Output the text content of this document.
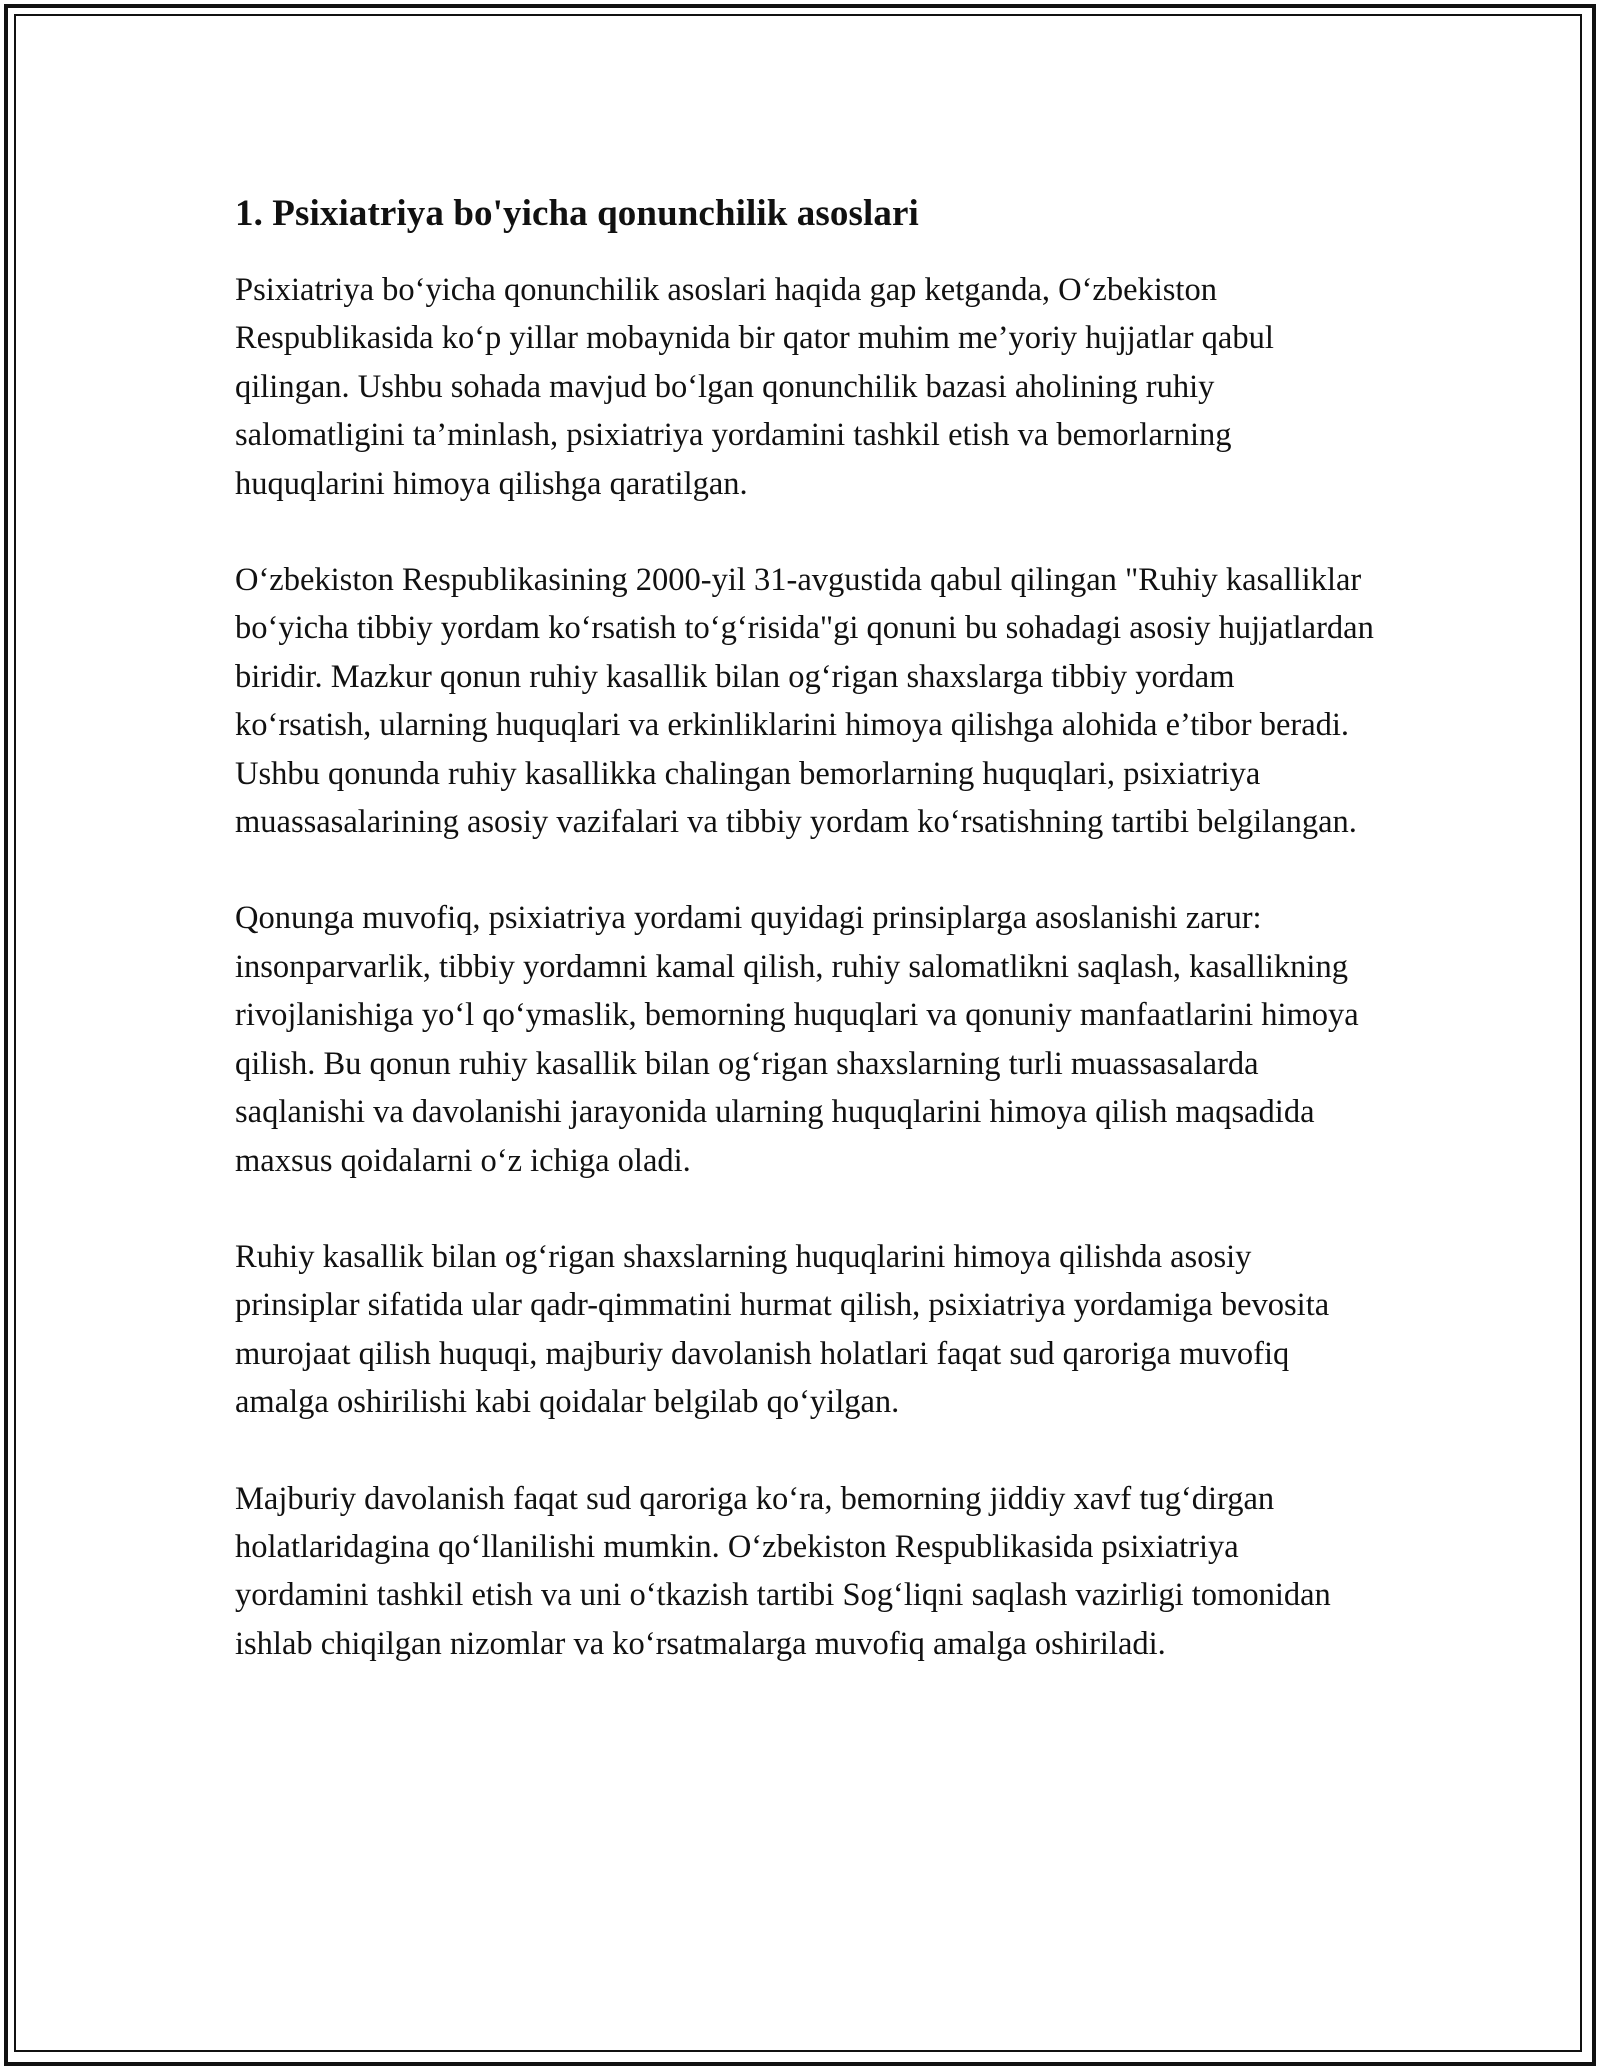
1. Psixiatriya bo'yicha qonunchilik asoslari

Psixiatriya bo‘yicha qonunchilik asoslari haqida gap ketganda, O‘zbekiston Respublikasida ko‘p yillar mobaynida bir qator muhim me’yoriy hujjatlar qabul qilingan. Ushbu sohada mavjud bo‘lgan qonunchilik bazasi aholining ruhiy salomatligini ta’minlash, psixiatriya yordamini tashkil etish va bemorlarning huquqlarini himoya qilishga qaratilgan.

O‘zbekiston Respublikasining 2000-yil 31-avgustida qabul qilingan "Ruhiy kasalliklar bo‘yicha tibbiy yordam ko‘rsatish to‘g‘risida"gi qonuni bu sohadagi asosiy hujjatlardan biridir. Mazkur qonun ruhiy kasallik bilan og‘rigan shaxslarga tibbiy yordam ko‘rsatish, ularning huquqlari va erkinliklarini himoya qilishga alohida e’tibor beradi. Ushbu qonunda ruhiy kasallikka chalingan bemorlarning huquqlari, psixiatriya muassasalarining asosiy vazifalari va tibbiy yordam ko‘rsatishning tartibi belgilangan.

Qonunga muvofiq, psixiatriya yordami quyidagi prinsiplarga asoslanishi zarur: insonparvarlik, tibbiy yordamni kamal qilish, ruhiy salomatlikni saqlash, kasallikning rivojlanishiga yo‘l qo‘ymaslik, bemorning huquqlari va qonuniy manfaatlarini himoya qilish. Bu qonun ruhiy kasallik bilan og‘rigan shaxslarning turli muassasalarda saqlanishi va davolanishi jarayonida ularning huquqlarini himoya qilish maqsadida maxsus qoidalarni o‘z ichiga oladi.

Ruhiy kasallik bilan og‘rigan shaxslarning huquqlarini himoya qilishda asosiy prinsiplar sifatida ular qadr-qimmatini hurmat qilish, psixiatriya yordamiga bevosita murojaat qilish huquqi, majburiy davolanish holatlari faqat sud qaroriga muvofiq amalga oshirilishi kabi qoidalar belgilab qo‘yilgan.

Majburiy davolanish faqat sud qaroriga ko‘ra, bemorning jiddiy xavf tug‘dirgan holatlaridagina qo‘llanilishi mumkin. O‘zbekiston Respublikasida psixiatriya yordamini tashkil etish va uni o‘tkazish tartibi Sog‘liqni saqlash vazirligi tomonidan ishlab chiqilgan nizomlar va ko‘rsatmalarga muvofiq amalga oshiriladi.
